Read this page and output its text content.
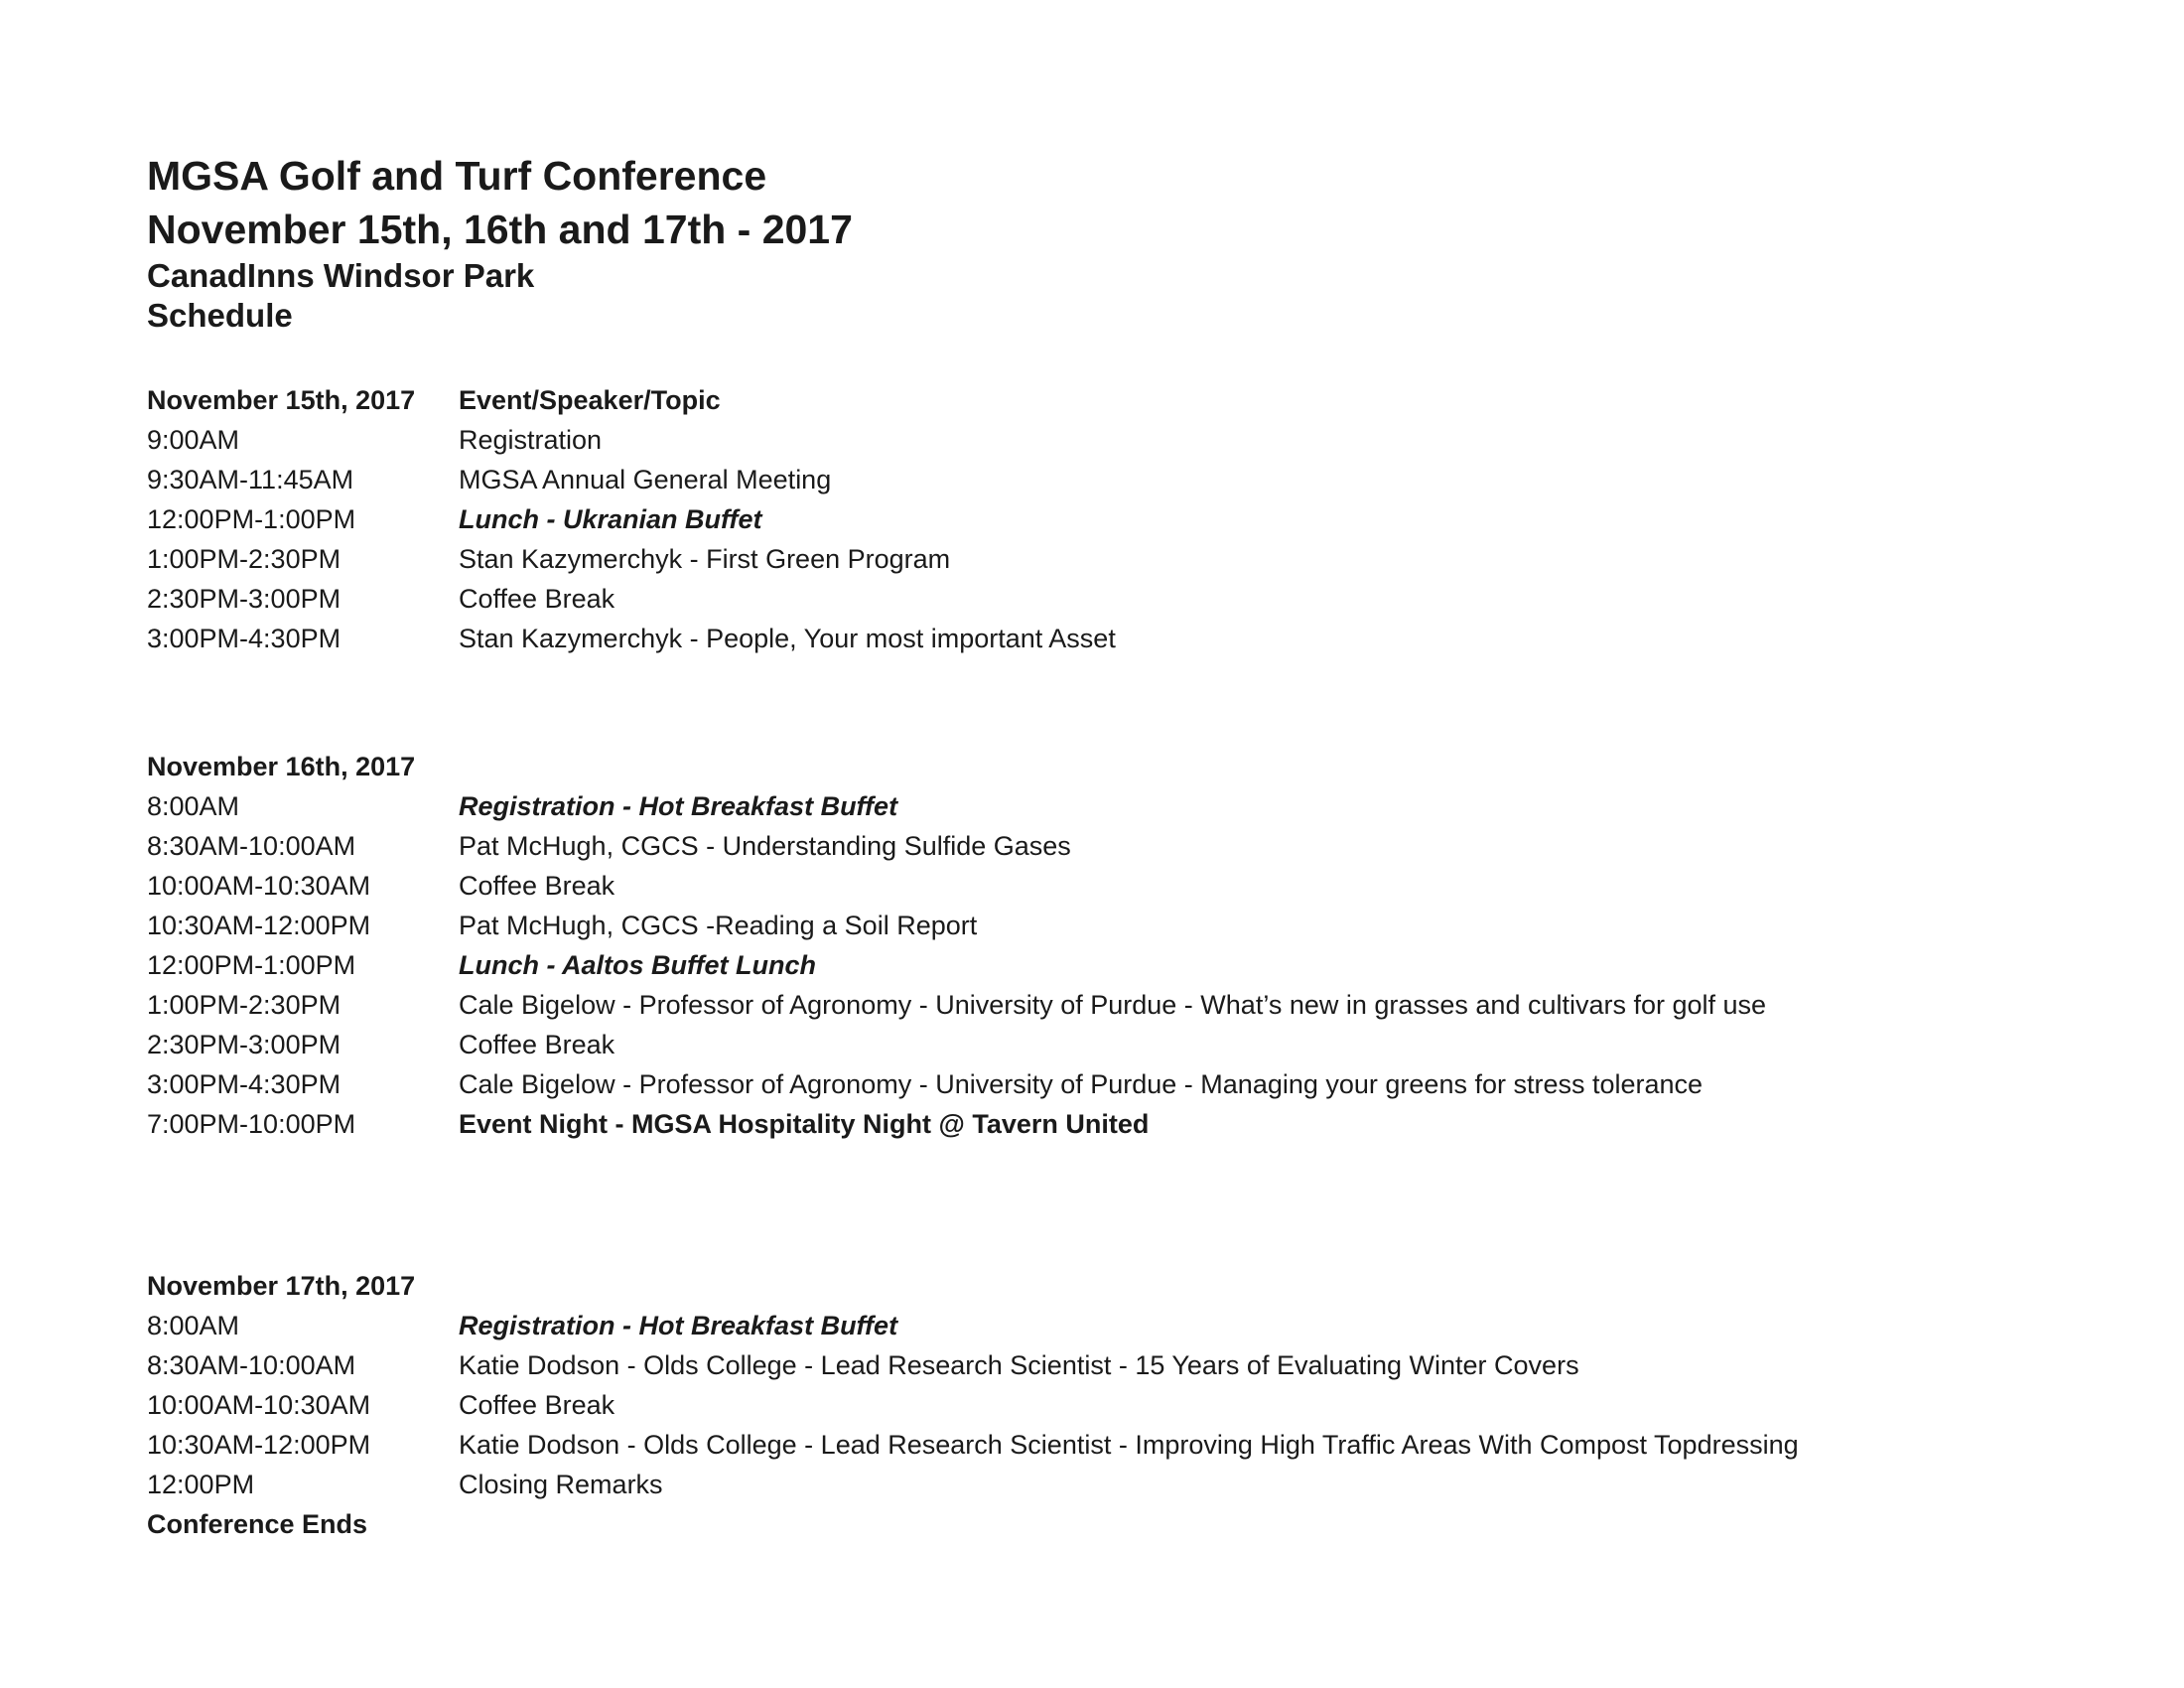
MGSA Golf and Turf Conference
November 15th, 16th and 17th - 2017
CanadInns Windsor Park
Schedule
November 15th, 2017	Event/Speaker/Topic
9:00AM	Registration
9:30AM-11:45AM	MGSA Annual General Meeting
12:00PM-1:00PM	Lunch - Ukranian Buffet
1:00PM-2:30PM	Stan Kazymerchyk - First Green Program
2:30PM-3:00PM	Coffee Break
3:00PM-4:30PM	Stan Kazymerchyk - People, Your most important Asset
November 16th, 2017
8:00AM	Registration - Hot Breakfast Buffet
8:30AM-10:00AM	Pat McHugh, CGCS - Understanding Sulfide Gases
10:00AM-10:30AM	Coffee Break
10:30AM-12:00PM	Pat McHugh, CGCS -Reading a Soil Report
12:00PM-1:00PM	Lunch - Aaltos Buffet Lunch
1:00PM-2:30PM	Cale Bigelow - Professor of Agronomy - University of Purdue - What’s new in grasses and cultivars for golf use
2:30PM-3:00PM	Coffee Break
3:00PM-4:30PM	Cale Bigelow - Professor of Agronomy - University of Purdue - Managing your greens for stress tolerance
7:00PM-10:00PM	Event Night - MGSA Hospitality Night @ Tavern United
November 17th, 2017
8:00AM	Registration - Hot Breakfast Buffet
8:30AM-10:00AM	Katie Dodson - Olds College - Lead Research Scientist - 15 Years of Evaluating Winter Covers
10:00AM-10:30AM	Coffee Break
10:30AM-12:00PM	Katie Dodson - Olds College - Lead Research Scientist - Improving High Traffic Areas With Compost Topdressing
12:00PM	Closing Remarks
Conference Ends
